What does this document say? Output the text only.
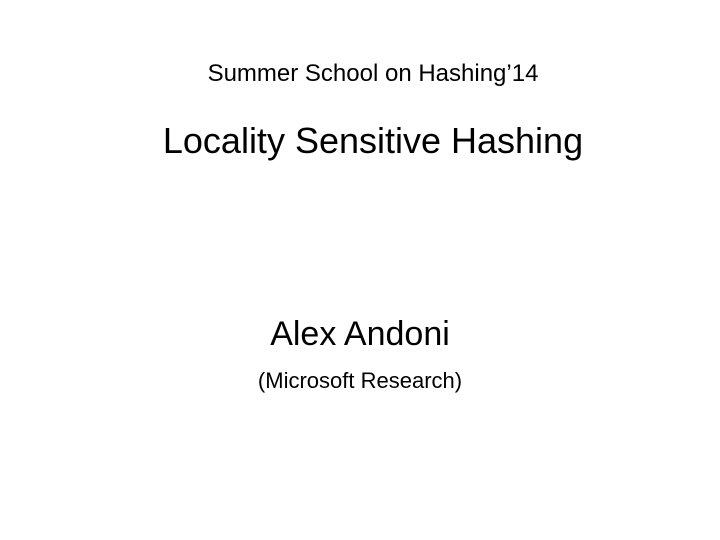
Summer School on Hashing’14
Locality Sensitive Hashing
Alex Andoni
(Microsoft Research)
